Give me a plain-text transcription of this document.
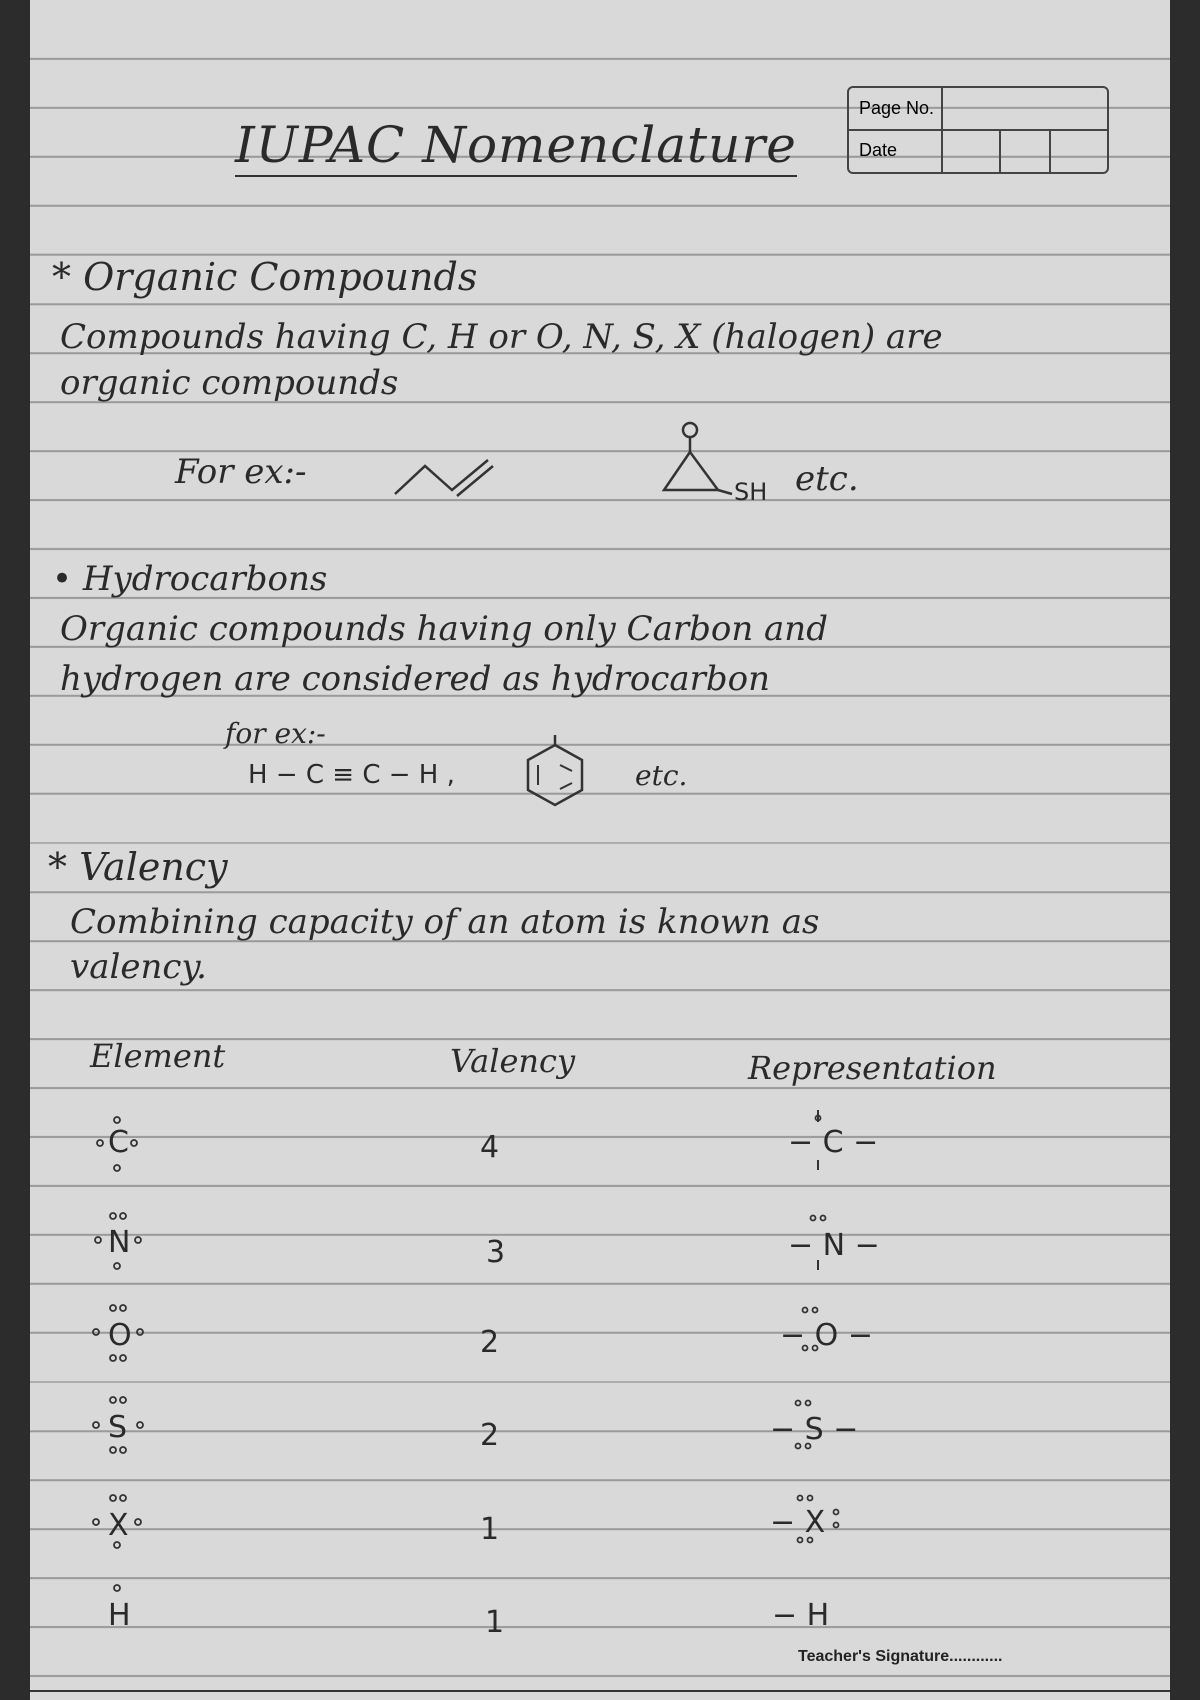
IUPAC Nomenclature
Page No.
Date
* Organic Compounds
Compounds having C, H or O, N, S, X (halogen) are
organic compounds
For ex:-	SH etc.
• Hydrocarbons
Organic compounds having only Carbon and
hydrogen are considered as hydrocarbon
for ex:-
H − C ≡ C − H ,	etc.
* Valency
Combining capacity of an atom is known as
valency.
Element	Valency	Representation
C	4	− C −
N	3	− N −
O	2	− O −
S	2	− S −
X	1	− X
H	1	− H
Teacher's Signature............
